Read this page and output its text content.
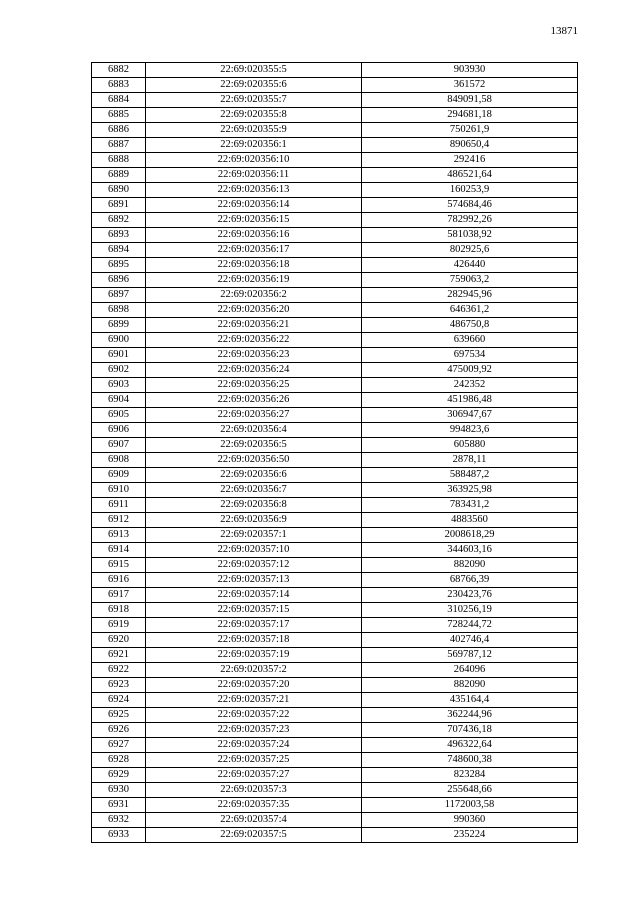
13871
6882	22:69:020355:5	903930
6883	22:69:020355:6	361572
6884	22:69:020355:7	849091,58
6885	22:69:020355:8	294681,18
6886	22:69:020355:9	750261,9
6887	22:69:020356:1	890650,4
6888	22:69:020356:10	292416
6889	22:69:020356:11	486521,64
6890	22:69:020356:13	160253,9
6891	22:69:020356:14	574684,46
6892	22:69:020356:15	782992,26
6893	22:69:020356:16	581038,92
6894	22:69:020356:17	802925,6
6895	22:69:020356:18	426440
6896	22:69:020356:19	759063,2
6897	22:69:020356:2	282945,96
6898	22:69:020356:20	646361,2
6899	22:69:020356:21	486750,8
6900	22:69:020356:22	639660
6901	22:69:020356:23	697534
6902	22:69:020356:24	475009,92
6903	22:69:020356:25	242352
6904	22:69:020356:26	451986,48
6905	22:69:020356:27	306947,67
6906	22:69:020356:4	994823,6
6907	22:69:020356:5	605880
6908	22:69:020356:50	2878,11
6909	22:69:020356:6	588487,2
6910	22:69:020356:7	363925,98
6911	22:69:020356:8	783431,2
6912	22:69:020356:9	4883560
6913	22:69:020357:1	2008618,29
6914	22:69:020357:10	344603,16
6915	22:69:020357:12	882090
6916	22:69:020357:13	68766,39
6917	22:69:020357:14	230423,76
6918	22:69:020357:15	310256,19
6919	22:69:020357:17	728244,72
6920	22:69:020357:18	402746,4
6921	22:69:020357:19	569787,12
6922	22:69:020357:2	264096
6923	22:69:020357:20	882090
6924	22:69:020357:21	435164,4
6925	22:69:020357:22	362244,96
6926	22:69:020357:23	707436,18
6927	22:69:020357:24	496322,64
6928	22:69:020357:25	748600,38
6929	22:69:020357:27	823284
6930	22:69:020357:3	255648,66
6931	22:69:020357:35	1172003,58
6932	22:69:020357:4	990360
6933	22:69:020357:5	235224
